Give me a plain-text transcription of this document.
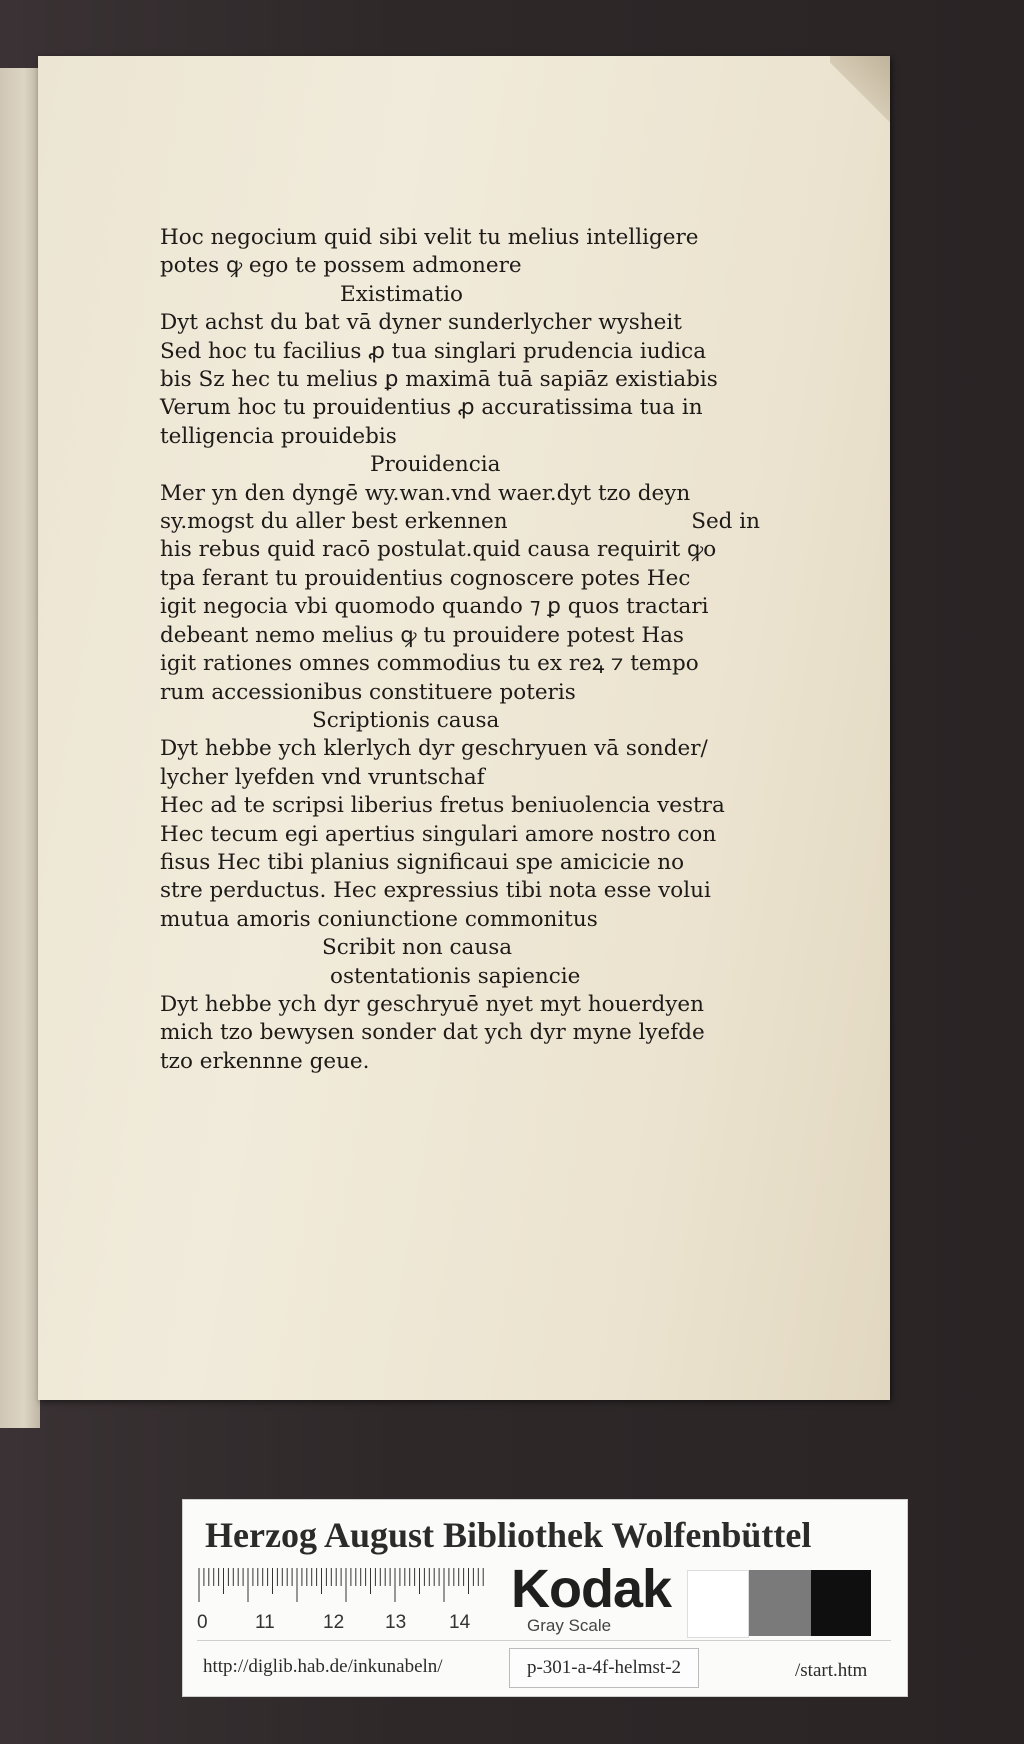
Hoc negocium quid sibi velit tu melius intelligere
potes ꝙ ego te possem admonere
Existimatio
Dyt achst du bat vā dyner sunderlycher wysheit
Sed hoc tu facilius ꝓ tua singlari prudencia iudica
bis Sz hec tu melius ꝑ maximā tuā sapiāz existiabis
Verum hoc tu prouidentius ꝓ accuratissima tua in
telligencia prouidebis
Prouidencia
Mer yn den dyngē wy.wan.vnd waer.dyt tzo deyn
sy.mogst du aller best erkennen	Sed in
his rebus quid racō postulat.quid causa requirit ꝙo
tpa ferant tu prouidentius cognoscere potes Hec
igit negocia vbi quomodo quando ⁊ ꝑ quos tractari
debeant nemo melius ꝙ tu prouidere potest Has
igit rationes omnes commodius tu ex reꝝ ⁊ tempo
rum accessionibus constituere poteris
Scriptionis causa
Dyt hebbe ych klerlych dyr geschryuen vā sonder/
lycher lyefden vnd vruntschaf
Hec ad te scripsi liberius fretus beniuolencia vestra
Hec tecum egi apertius singulari amore nostro con
fisus Hec tibi planius significaui spe amicicie no
stre perductus. Hec expressius tibi nota esse volui
mutua amoris coniunctione commonitus
Scribit non causa
ostentationis sapiencie
Dyt hebbe ych dyr geschryuē nyet myt houerdyen
mich tzo bewysen sonder dat ych dyr myne lyefde
tzo erkennne geue.
Herzog August Bibliothek Wolfenbüttel
0 11	12 13 14
Kodak
Gray Scale
http://diglib.hab.de/inkunabeln/	p-301-a-4f-helmst-2	/start.htm
